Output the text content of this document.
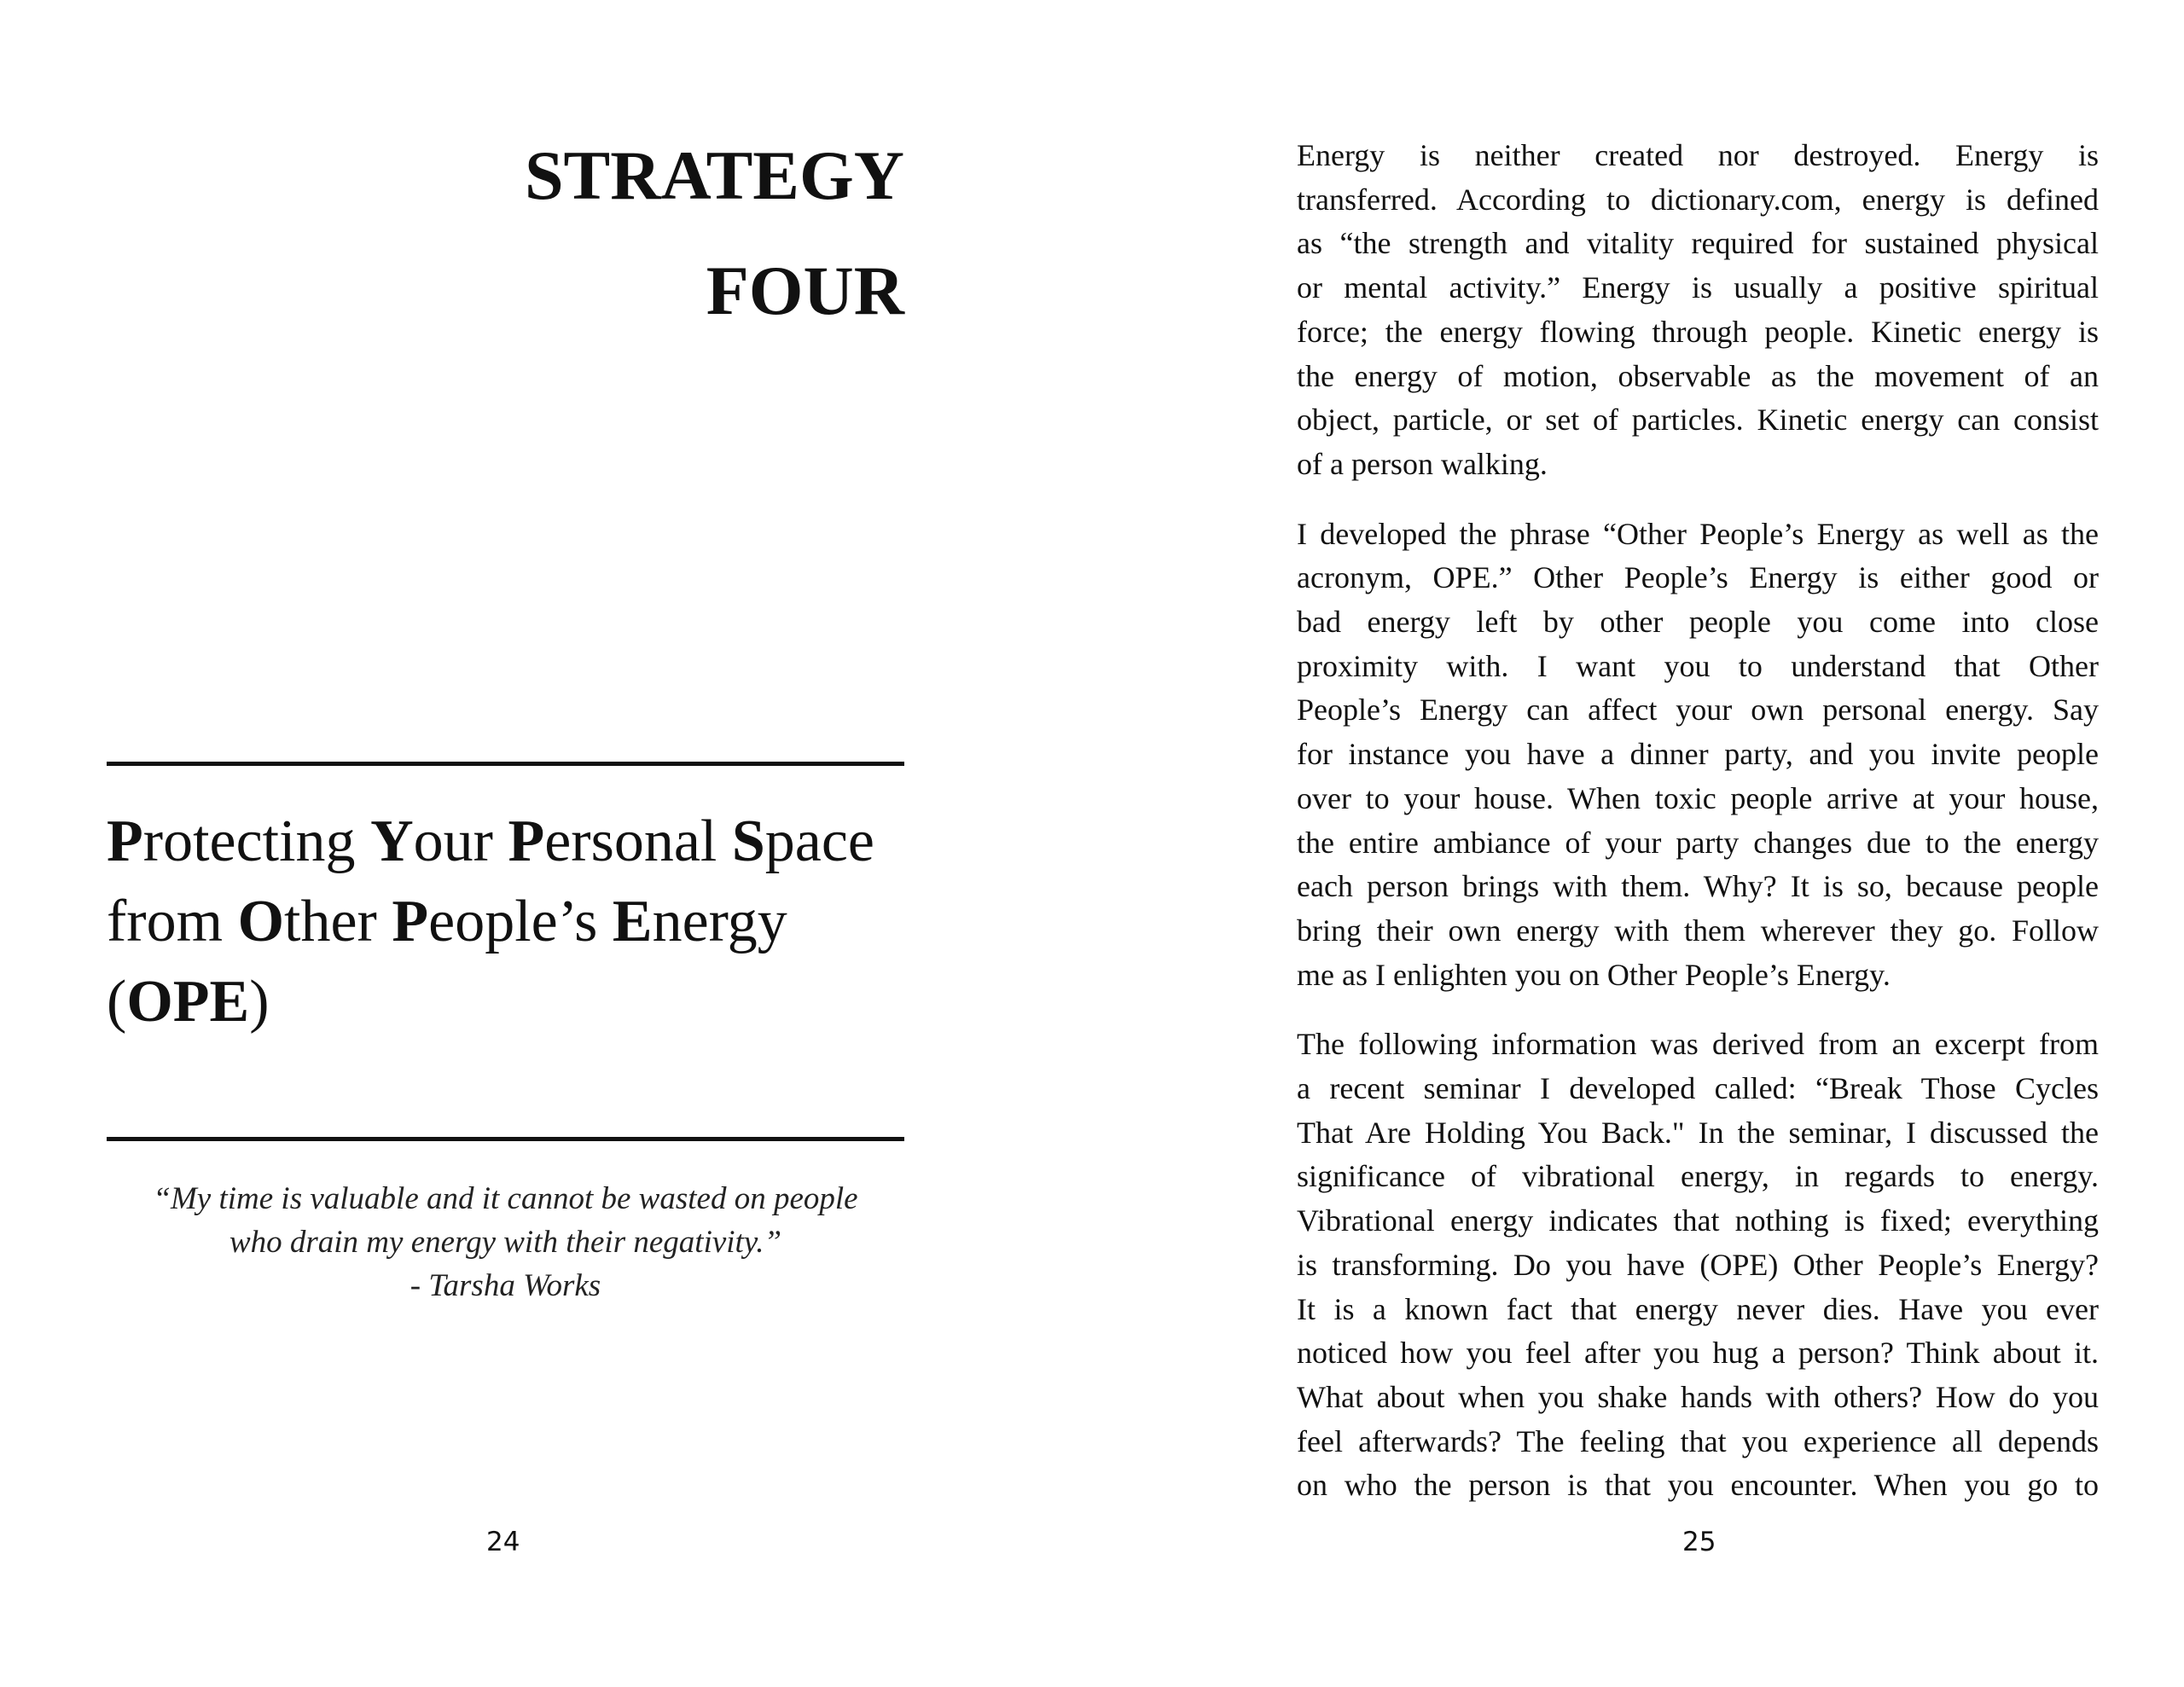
STRATEGY
FOUR
Protecting Your Personal Space
from Other People’s Energy
(OPE)
“My time is valuable and it cannot be wasted on people
who drain my energy with their negativity.”
- Tarsha Works
24

Energy is neither created nor destroyed. Energy is
transferred. According to dictionary.com, energy is defined
as “the strength and vitality required for sustained physical
or mental activity.” Energy is usually a positive spiritual
force; the energy flowing through people. Kinetic energy is
the energy of motion, observable as the movement of an
object, particle, or set of particles. Kinetic energy can consist
of a person walking.

I developed the phrase “Other People’s Energy as well as the
acronym, OPE.” Other People’s Energy is either good or
bad energy left by other people you come into close
proximity with. I want you to understand that Other
People’s Energy can affect your own personal energy. Say
for instance you have a dinner party, and you invite people
over to your house. When toxic people arrive at your house,
the entire ambiance of your party changes due to the energy
each person brings with them. Why? It is so, because people
bring their own energy with them wherever they go. Follow
me as I enlighten you on Other People’s Energy.

The following information was derived from an excerpt from
a recent seminar I developed called: “Break Those Cycles
That Are Holding You Back." In the seminar, I discussed the
significance of vibrational energy, in regards to energy.
Vibrational energy indicates that nothing is fixed; everything
is transforming. Do you have (OPE) Other People’s Energy?
It is a known fact that energy never dies. Have you ever
noticed how you feel after you hug a person? Think about it.
What about when you shake hands with others? How do you
feel afterwards? The feeling that you experience all depends
on who the person is that you encounter. When you go to

25
